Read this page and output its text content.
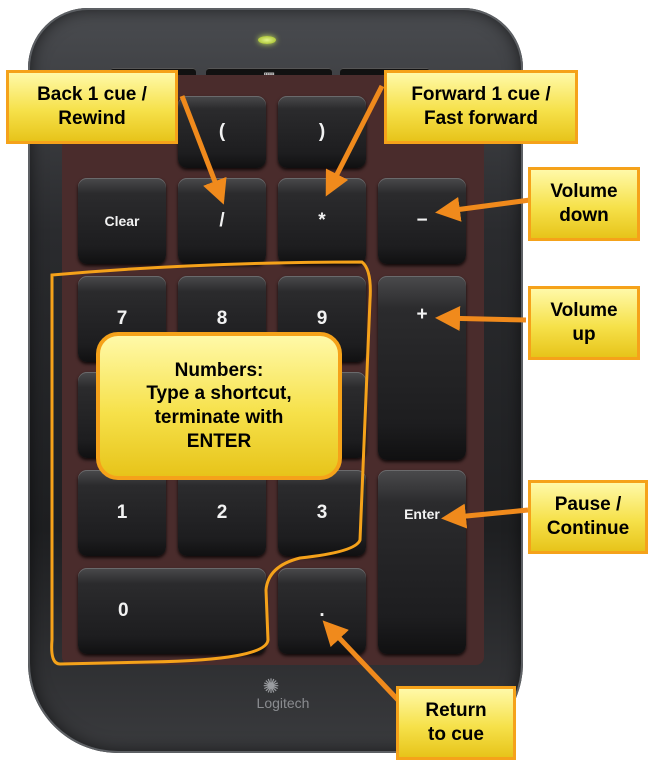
(	)
Clear	/	*	−
7	8	9	+
1	2	3	Enter
0	.
✺
Logitech
Back 1 cue /
Rewind
Forward 1 cue /
Fast forward
Volume
down
Volume
up
Numbers:
Type a shortcut,
terminate with
ENTER
Pause /
Continue
Return
to cue
